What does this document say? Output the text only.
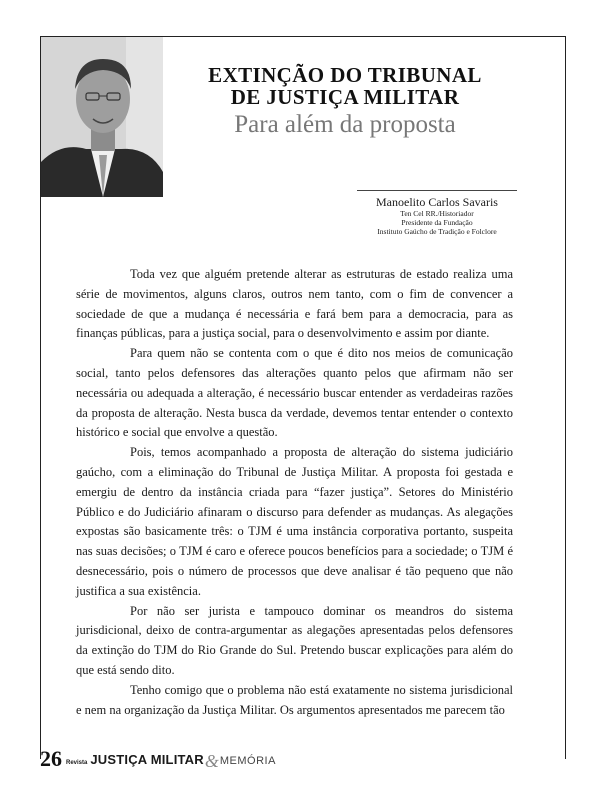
EXTINÇÃO DO TRIBUNAL
DE JUSTIÇA MILITAR
Para além da proposta
Manoelito Carlos Savaris
Ten Cel RR./Historiador
Presidente da Fundação
Instituto Gaúcho de Tradição e Folclore

Toda vez que alguém pretende alterar as estruturas de estado realiza uma série de movimentos, alguns claros, outros nem tanto, com o fim de convencer a sociedade de que a mudança é necessária e fará bem para a democracia, para as finanças públicas, para a justiça social, para o desenvolvimento e assim por diante.

Para quem não se contenta com o que é dito nos meios de comunicação social, tanto pelos defensores das alterações quanto pelos que afirmam não ser necessária ou adequada a alteração, é necessário buscar entender as verdadeiras razões da proposta de alteração. Nesta busca da verdade, devemos tentar entender o contexto histórico e social que envolve a questão.

Pois, temos acompanhado a proposta de alteração do sistema judiciário gaúcho, com a eliminação do Tribunal de Justiça Militar. A proposta foi gestada e emergiu de dentro da instância criada para “fazer justiça”. Setores do Ministério Público e do Judiciário afinaram o discurso para defender as mudanças. As alegações expostas são basicamente três: o TJM é uma instância corporativa portanto, suspeita nas suas decisões; o TJM é caro e oferece poucos benefícios para a sociedade; o TJM é desnecessário, pois o número de processos que deve analisar é tão pequeno que não justifica a sua existência.

Por não ser jurista e tampouco dominar os meandros do sistema jurisdicional, deixo de contra-argumentar as alegações apresentadas pelos defensores da extinção do TJM do Rio Grande do Sul. Pretendo buscar explicações para além do que está sendo dito.

Tenho comigo que o problema não está exatamente no sistema jurisdicional e nem na organização da Justiça Militar. Os argumentos apresentados me parecem tão

26 Revista JUSTIÇA MILITAR & MEMÓRIA
